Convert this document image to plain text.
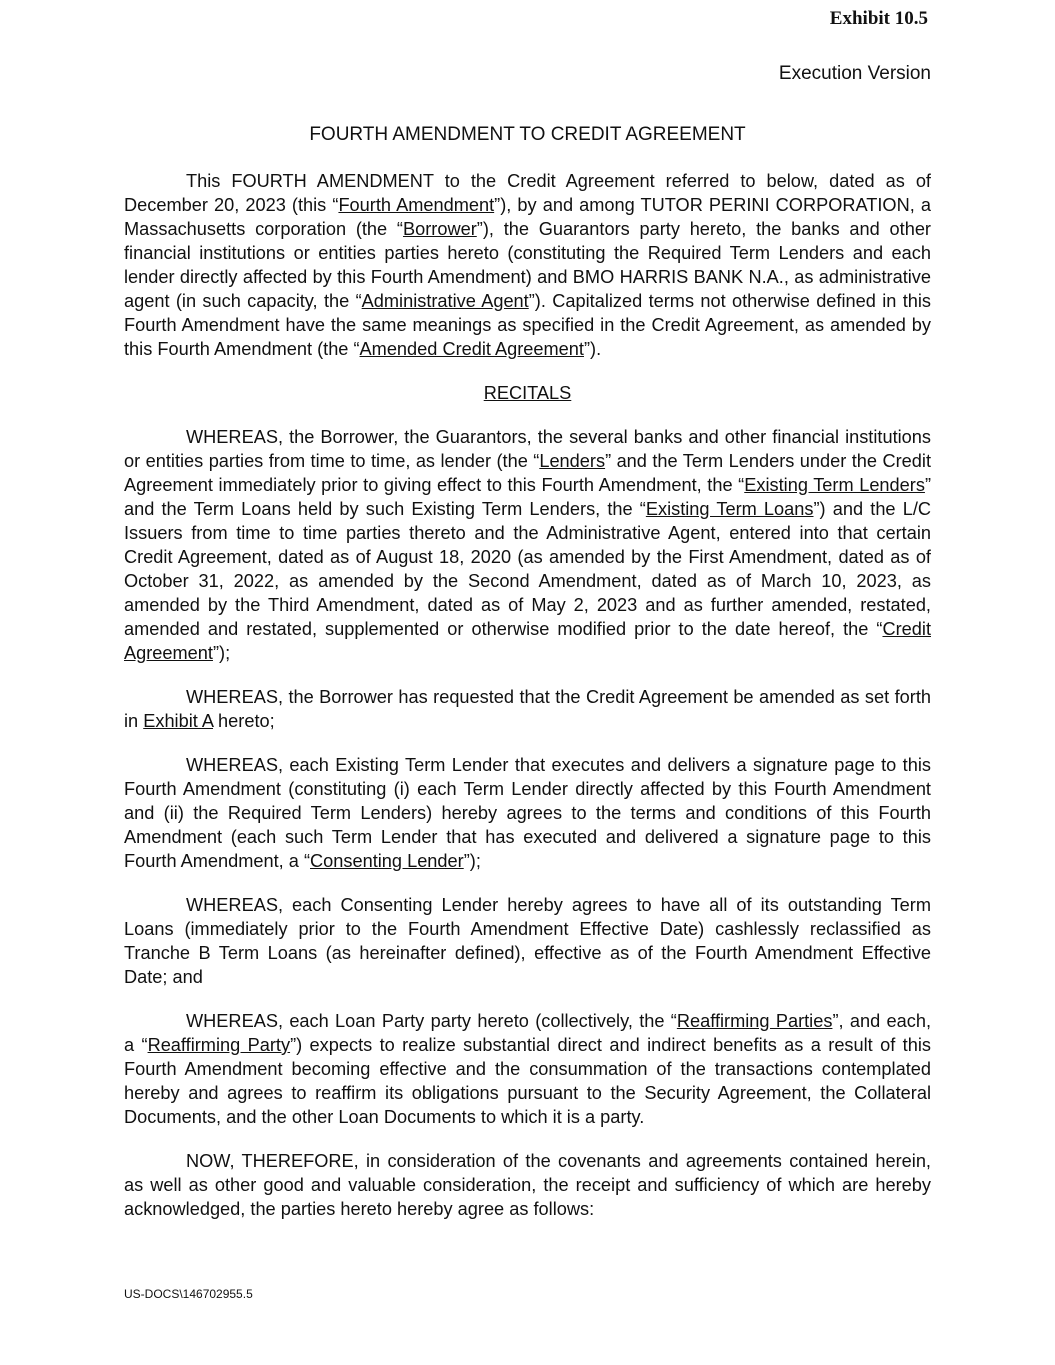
Exhibit 10.5
Execution Version
FOURTH AMENDMENT TO CREDIT AGREEMENT

This FOURTH AMENDMENT to the Credit Agreement referred to below, dated as of December 20, 2023 (this “Fourth Amendment”), by and among TUTOR PERINI CORPORATION, a Massachusetts corporation (the “Borrower”), the Guarantors party hereto, the banks and other financial institutions or entities parties hereto (constituting the Required Term Lenders and each lender directly affected by this Fourth Amendment) and BMO HARRIS BANK N.A., as administrative agent (in such capacity, the “Administrative Agent”). Capitalized terms not otherwise defined in this Fourth Amendment have the same meanings as specified in the Credit Agreement, as amended by this Fourth Amendment (the “Amended Credit Agreement”).

RECITALS

WHEREAS, the Borrower, the Guarantors, the several banks and other financial institutions or entities parties from time to time, as lender (the “Lenders” and the Term Lenders under the Credit Agreement immediately prior to giving effect to this Fourth Amendment, the “Existing Term Lenders” and the Term Loans held by such Existing Term Lenders, the “Existing Term Loans”) and the L/C Issuers from time to time parties thereto and the Administrative Agent, entered into that certain Credit Agreement, dated as of August 18, 2020 (as amended by the First Amendment, dated as of October 31, 2022, as amended by the Second Amendment, dated as of March 10, 2023, as amended by the Third Amendment, dated as of May 2, 2023 and as further amended, restated, amended and restated, supplemented or otherwise modified prior to the date hereof, the “Credit Agreement”);

WHEREAS, the Borrower has requested that the Credit Agreement be amended as set forth in Exhibit A hereto;

WHEREAS, each Existing Term Lender that executes and delivers a signature page to this Fourth Amendment (constituting (i) each Term Lender directly affected by this Fourth Amendment and (ii) the Required Term Lenders) hereby agrees to the terms and conditions of this Fourth Amendment (each such Term Lender that has executed and delivered a signature page to this Fourth Amendment, a “Consenting Lender”);

WHEREAS, each Consenting Lender hereby agrees to have all of its outstanding Term Loans (immediately prior to the Fourth Amendment Effective Date) cashlessly reclassified as Tranche B Term Loans (as hereinafter defined), effective as of the Fourth Amendment Effective Date; and

WHEREAS, each Loan Party party hereto (collectively, the “Reaffirming Parties”, and each, a “Reaffirming Party”) expects to realize substantial direct and indirect benefits as a result of this Fourth Amendment becoming effective and the consummation of the transactions contemplated hereby and agrees to reaffirm its obligations pursuant to the Security Agreement, the Collateral Documents, and the other Loan Documents to which it is a party.

NOW, THEREFORE, in consideration of the covenants and agreements contained herein, as well as other good and valuable consideration, the receipt and sufficiency of which are hereby acknowledged, the parties hereto hereby agree as follows:

US-DOCS\146702955.5
